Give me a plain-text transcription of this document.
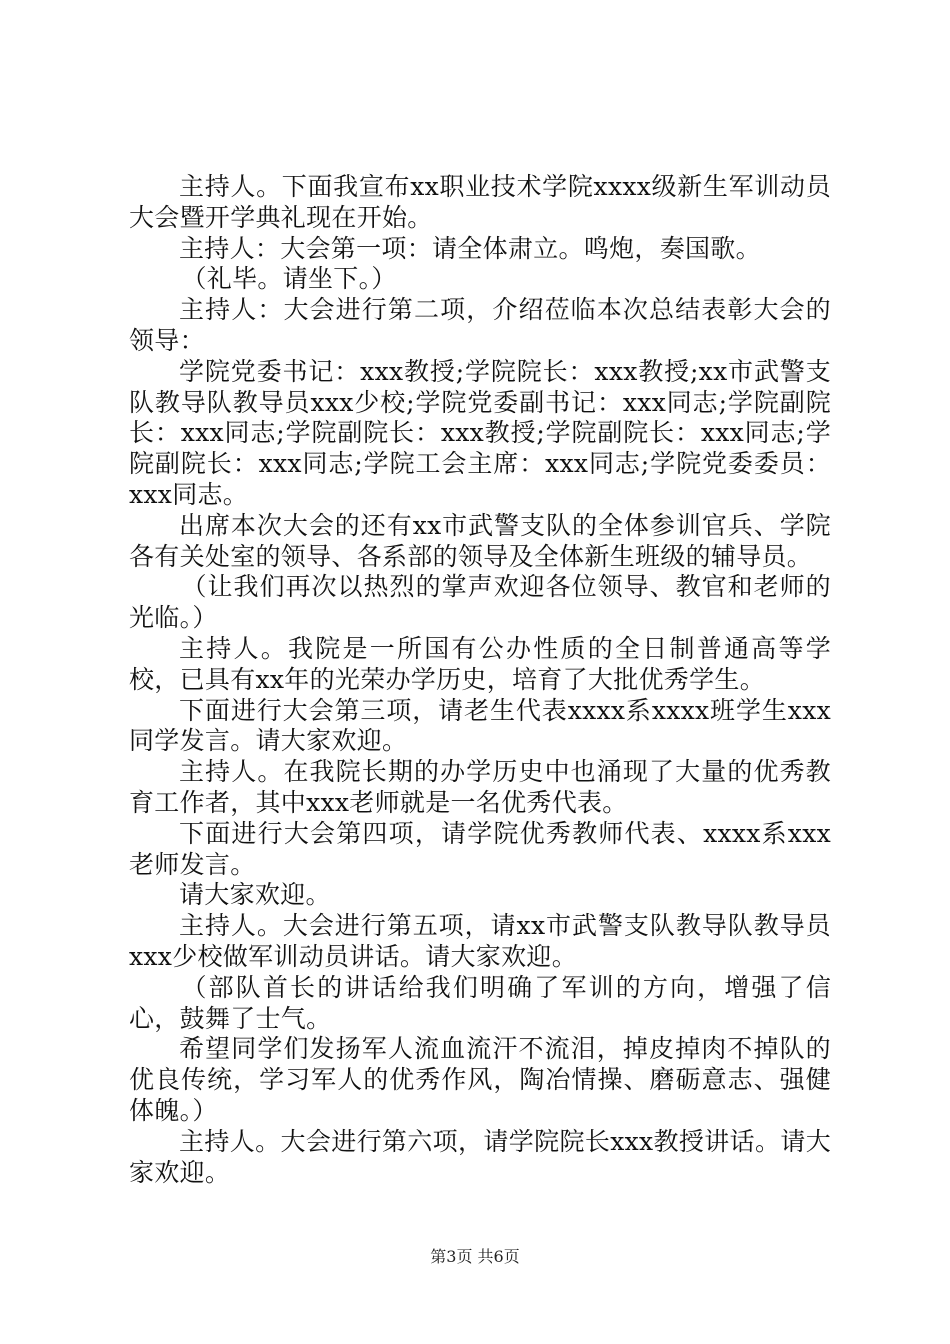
主持人。下面我宣布xx职业技术学院xxxx级新生军训动员大会暨开学典礼现在开始。

主持人：大会第一项：请全体肃立。鸣炮，奏国歌。

（礼毕。请坐下。）

主持人：大会进行第二项，介绍莅临本次总结表彰大会的领导：

学院党委书记：xxx教授;学院院长：xxx教授;xx市武警支队教导队教导员xxx少校;学院党委副书记：xxx同志;学院副院长：xxx同志;学院副院长：xxx教授;学院副院长：xxx同志;学院副院长：xxx同志;学院工会主席：xxx同志;学院党委委员：xxx同志。

出席本次大会的还有xx市武警支队的全体参训官兵、学院各有关处室的领导、各系部的领导及全体新生班级的辅导员。

（让我们再次以热烈的掌声欢迎各位领导、教官和老师的光临。）

主持人。我院是一所国有公办性质的全日制普通高等学校，已具有xx年的光荣办学历史，培育了大批优秀学生。

下面进行大会第三项，请老生代表xxxx系xxxx班学生xxx同学发言。请大家欢迎。

主持人。在我院长期的办学历史中也涌现了大量的优秀教育工作者，其中xxx老师就是一名优秀代表。

下面进行大会第四项，请学院优秀教师代表、xxxx系xxx老师发言。

请大家欢迎。

主持人。大会进行第五项，请xx市武警支队教导队教导员xxx少校做军训动员讲话。请大家欢迎。

（部队首长的讲话给我们明确了军训的方向，增强了信心，鼓舞了士气。

希望同学们发扬军人流血流汗不流泪，掉皮掉肉不掉队的优良传统，学习军人的优秀作风，陶冶情操、磨砺意志、强健体魄。）

主持人。大会进行第六项，请学院院长xxx教授讲话。请大家欢迎。

第3页 共6页
